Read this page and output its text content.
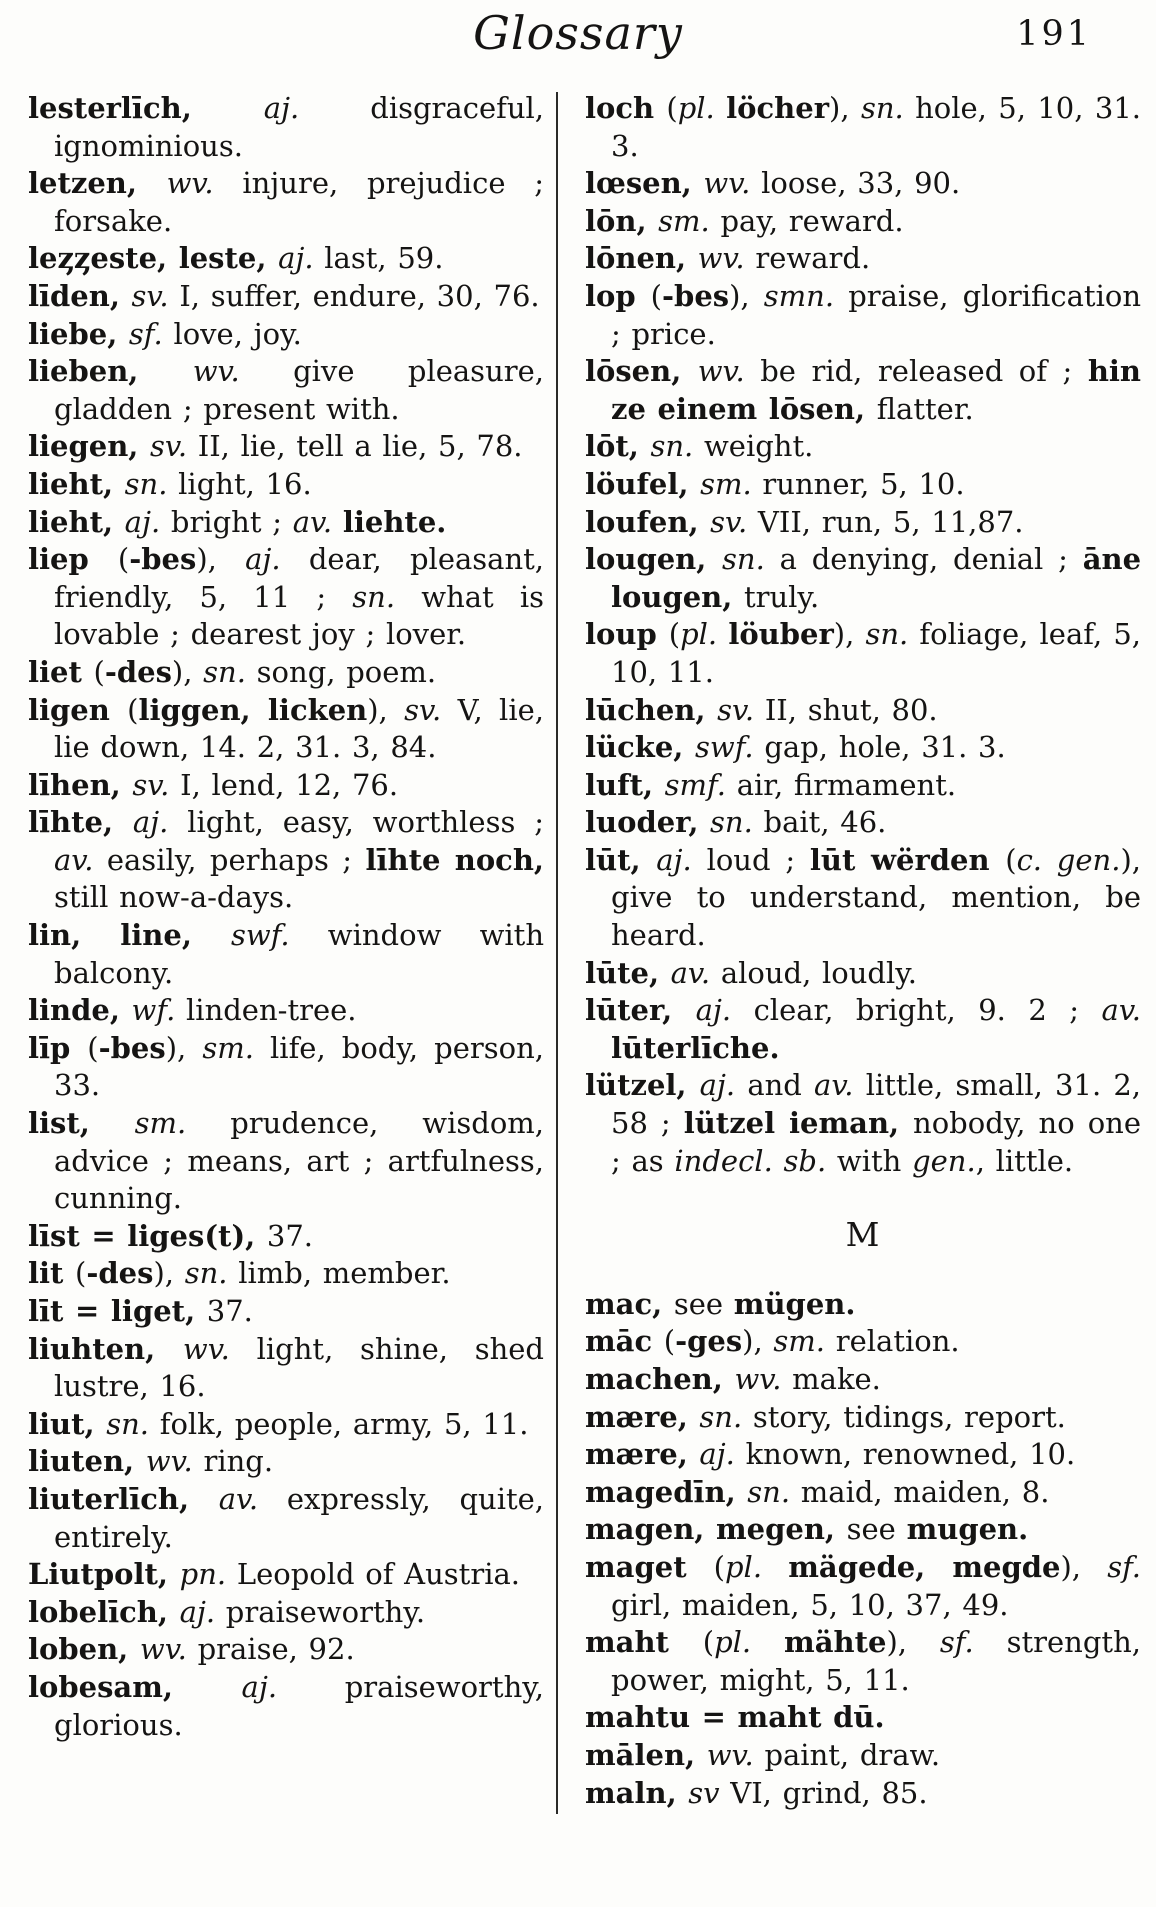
Glossary	191
lesterlīch, aj. disgraceful, ignominious.
letzen, wv. injure, prejudice ; forsake.
leȥȥeste, leste, aj. last, 59.
līden, sv. I, suffer, endure, 30, 76.
liebe, sf. love, joy.
lieben, wv. give pleasure, gladden ; present with.
liegen, sv. II, lie, tell a lie, 5, 78.
lieht, sn. light, 16.
lieht, aj. bright ; av. liehte.
liep (-bes), aj. dear, pleasant, friendly, 5, 11 ; sn. what is lovable ; dearest joy ; lover.
liet (-des), sn. song, poem.
ligen (liggen, licken), sv. V, lie, lie down, 14. 2, 31. 3, 84.
līhen, sv. I, lend, 12, 76.
līhte, aj. light, easy, worthless ; av. easily, perhaps ; līhte noch, still now-a-days.
lin, line, swf. window with balcony.
linde, wf. linden-tree.
līp (-bes), sm. life, body, person, 33.
list, sm. prudence, wisdom, advice ; means, art ; artfulness, cunning.
līst = liges(t), 37.
lit (-des), sn. limb, member.
līt = liget, 37.
liuhten, wv. light, shine, shed lustre, 16.
liut, sn. folk, people, army, 5, 11.
liuten, wv. ring.
liuterlīch, av. expressly, quite, entirely.
Liutpolt, pn. Leopold of Austria.
lobelīch, aj. praiseworthy.
loben, wv. praise, 92.
lobesam, aj. praiseworthy, glorious.
loch (pl. löcher), sn. hole, 5, 10, 31. 3.
lœsen, wv. loose, 33, 90.
lōn, sm. pay, reward.
lōnen, wv. reward.
lop (-bes), smn. praise, glorification ; price.
lōsen, wv. be rid, released of ; hin ze einem lōsen, flatter.
lōt, sn. weight.
löufel, sm. runner, 5, 10.
loufen, sv. VII, run, 5, 11,87.
lougen, sn. a denying, denial ; āne lougen, truly.
loup (pl. löuber), sn. foliage, leaf, 5, 10, 11.
lūchen, sv. II, shut, 80.
lücke, swf. gap, hole, 31. 3.
luft, smf. air, firmament.
luoder, sn. bait, 46.
lūt, aj. loud ; lūt wërden (c. gen.), give to understand, mention, be heard.
lūte, av. aloud, loudly.
lūter, aj. clear, bright, 9. 2 ; av. lūterlīche.
lützel, aj. and av. little, small, 31. 2, 58 ; lützel ieman, nobody, no one ; as indecl. sb. with gen., little.
M
mac, see mügen.
māc (-ges), sm. relation.
machen, wv. make.
mære, sn. story, tidings, report.
mære, aj. known, renowned, 10.
magedīn, sn. maid, maiden, 8.
magen, megen, see mugen.
maget (pl. mägede, megde), sf. girl, maiden, 5, 10, 37, 49.
maht (pl. mähte), sf. strength, power, might, 5, 11.
mahtu = maht dū.
mālen, wv. paint, draw.
maln, sv VI, grind, 85.
